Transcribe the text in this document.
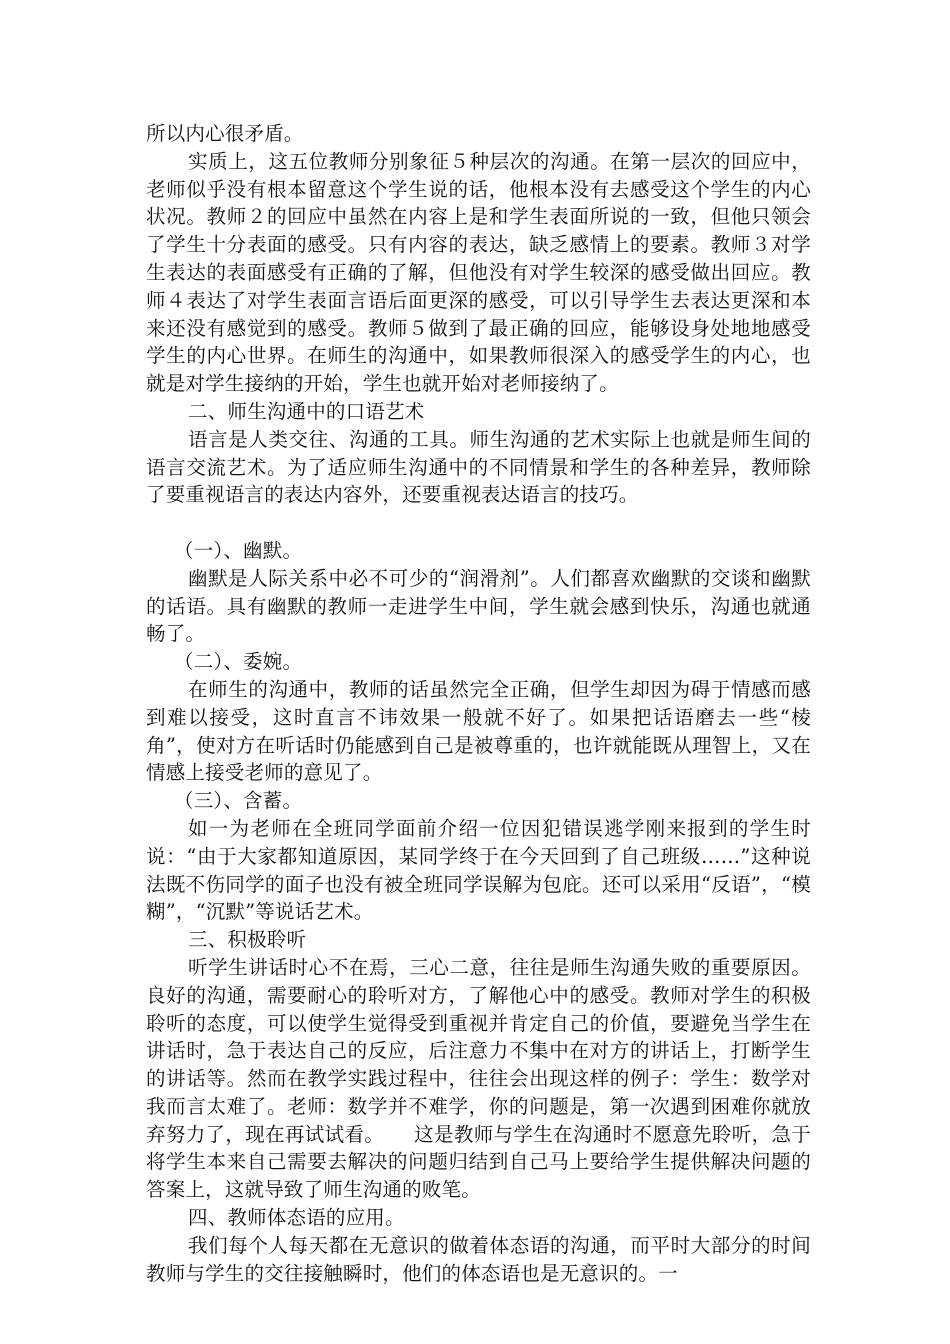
所以内心很矛盾。

实质上，这五位教师分别象征５种层次的沟通。在第一层次的回应中，老师似乎没有根本留意这个学生说的话，他根本没有去感受这个学生的内心状况。教师２的回应中虽然在内容上是和学生表面所说的一致，但他只领会了学生十分表面的感受。只有内容的表达，缺乏感情上的要素。教师３对学生表达的表面感受有正确的了解，但他没有对学生较深的感受做出回应。教师４表达了对学生表面言语后面更深的感受，可以引导学生去表达更深和本来还没有感觉到的感受。教师５做到了最正确的回应，能够设身处地地感受学生的内心世界。在师生的沟通中，如果教师很深入的感受学生的内心，也就是对学生接纳的开始，学生也就开始对老师接纳了。

二、师生沟通中的口语艺术

语言是人类交往、沟通的工具。师生沟通的艺术实际上也就是师生间的语言交流艺术。为了适应师生沟通中的不同情景和学生的各种差异，教师除了要重视语言的表达内容外，还要重视表达语言的技巧。

（一）、幽默。

幽默是人际关系中必不可少的“润滑剂”。人们都喜欢幽默的交谈和幽默的话语。具有幽默的教师一走进学生中间，学生就会感到快乐，沟通也就通畅了。

（二）、委婉。

在师生的沟通中，教师的话虽然完全正确，但学生却因为碍于情感而感到难以接受，这时直言不讳效果一般就不好了。如果把话语磨去一些“棱角”，使对方在听话时仍能感到自己是被尊重的，也许就能既从理智上，又在情感上接受老师的意见了。

（三）、含蓄。

如一为老师在全班同学面前介绍一位因犯错误逃学刚来报到的学生时说：“由于大家都知道原因，某同学终于在今天回到了自己班级……”这种说法既不伤同学的面子也没有被全班同学误解为包庇。还可以采用“反语”，“模糊”，“沉默”等说话艺术。

三、积极聆听

听学生讲话时心不在焉，三心二意，往往是师生沟通失败的重要原因。良好的沟通，需要耐心的聆听对方，了解他心中的感受。教师对学生的积极聆听的态度，可以使学生觉得受到重视并肯定自己的价值，要避免当学生在讲话时，急于表达自己的反应，后注意力不集中在对方的讲话上，打断学生的讲话等。然而在教学实践过程中，往往会出现这样的例子：学生：数学对我而言太难了。老师：数学并不难学，你的问题是，第一次遇到困难你就放弃努力了，现在再试试看。　　这是教师与学生在沟通时不愿意先聆听，急于将学生本来自己需要去解决的问题归结到自己马上要给学生提供解决问题的答案上，这就导致了师生沟通的败笔。

四、教师体态语的应用。

我们每个人每天都在无意识的做着体态语的沟通，而平时大部分的时间教师与学生的交往接触瞬时，他们的体态语也是无意识的。一
